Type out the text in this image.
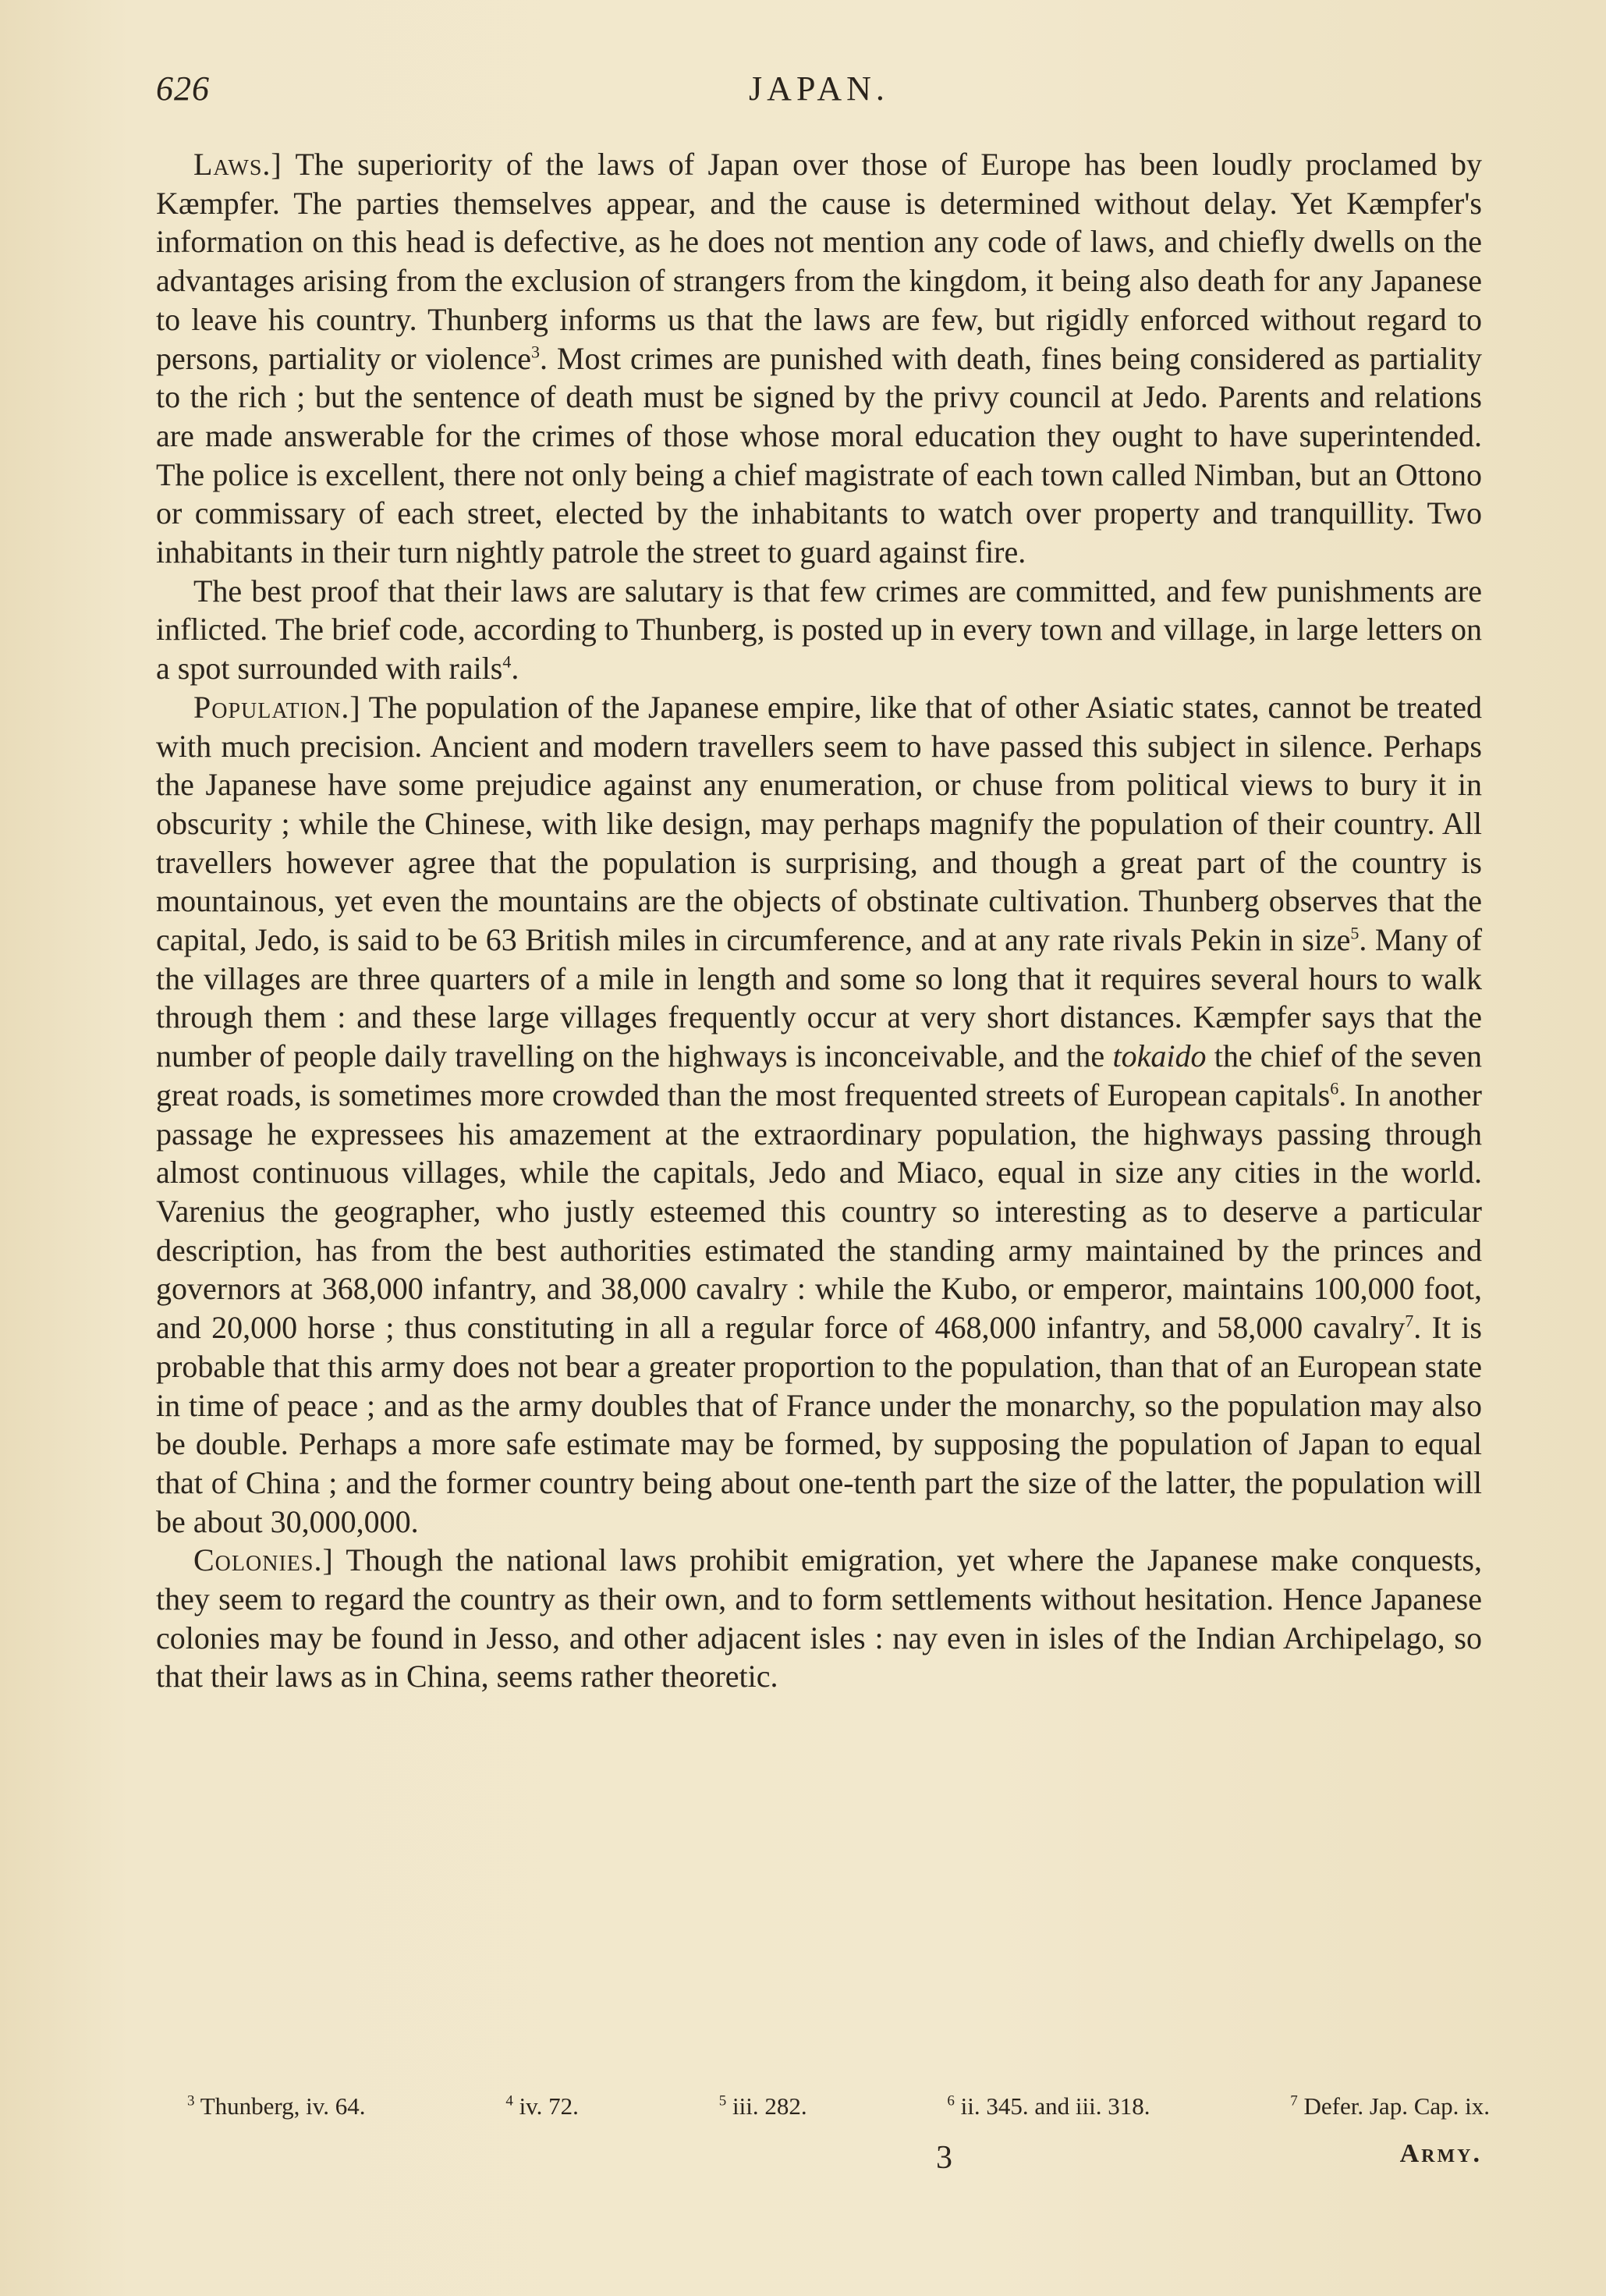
626	JAPAN.

Laws.] The superiority of the laws of Japan over those of Europe has been loudly proclamed by Kæmpfer. The parties themselves appear, and the cause is determined without delay. Yet Kæmpfer's information on this head is defective, as he does not mention any code of laws, and chiefly dwells on the advantages arising from the exclusion of strangers from the kingdom, it being also death for any Japanese to leave his country. Thunberg informs us that the laws are few, but rigidly enforced without regard to persons, partiality or violence$^3$. Most crimes are punished with death, fines being considered as partiality to the rich ; but the sentence of death must be signed by the privy council at Jedo. Parents and relations are made answerable for the crimes of those whose moral education they ought to have superintended. The police is excellent, there not only being a chief magistrate of each town called Nimban, but an Ottono or commissary of each street, elected by the inhabitants to watch over property and tranquillity. Two inhabitants in their turn nightly patrole the street to guard against fire.

The best proof that their laws are salutary is that few crimes are committed, and few punishments are inflicted. The brief code, according to Thunberg, is posted up in every town and village, in large letters on a spot surrounded with rails$^4$.

Population.] The population of the Japanese empire, like that of other Asiatic states, cannot be treated with much precision. Ancient and modern travellers seem to have passed this subject in silence. Perhaps the Japanese have some prejudice against any enumeration, or chuse from political views to bury it in obscurity ; while the Chinese, with like design, may perhaps magnify the population of their country. All travellers however agree that the population is surprising, and though a great part of the country is mountainous, yet even the mountains are the objects of obstinate cultivation. Thunberg observes that the capital, Jedo, is said to be 63 British miles in circumference, and at any rate rivals Pekin in size$^5$. Many of the villages are three quarters of a mile in length and some so long that it requires several hours to walk through them : and these large villages frequently occur at very short distances. Kæmpfer says that the number of people daily travelling on the highways is inconceivable, and the tokaido the chief of the seven great roads, is sometimes more crowded than the most frequented streets of European capitals$^6$. In another passage he expressees his amazement at the extraordinary population, the highways passing through almost continuous villages, while the capitals, Jedo and Miaco, equal in size any cities in the world. Varenius the geographer, who justly esteemed this country so interesting as to deserve a particular description, has from the best authorities estimated the standing army maintained by the princes and governors at 368,000 infantry, and 38,000 cavalry : while the Kubo, or emperor, maintains 100,000 foot, and 20,000 horse ; thus constituting in all a regular force of 468,000 infantry, and 58,000 cavalry$^7$. It is probable that this army does not bear a greater proportion to the population, than that of an European state in time of peace ; and as the army doubles that of France under the monarchy, so the population may also be double. Perhaps a more safe estimate may be formed, by supposing the population of Japan to equal that of China ; and the former country being about one-tenth part the size of the latter, the population will be about 30,000,000.

Colonies.] Though the national laws prohibit emigration, yet where the Japanese make conquests, they seem to regard the country as their own, and to form settlements without hesitation. Hence Japanese colonies may be found in Jesso, and other adjacent isles : nay even in isles of the Indian Archipelago, so that their laws as in China, seems rather theoretic.

$^3$ Thunberg, iv. 64.	$^4$ iv. 72.	$^5$ iii. 282.	$^6$ ii. 345. and iii. 318.	$^7$ Defer. Jap. Cap. ix.
3	Army.
